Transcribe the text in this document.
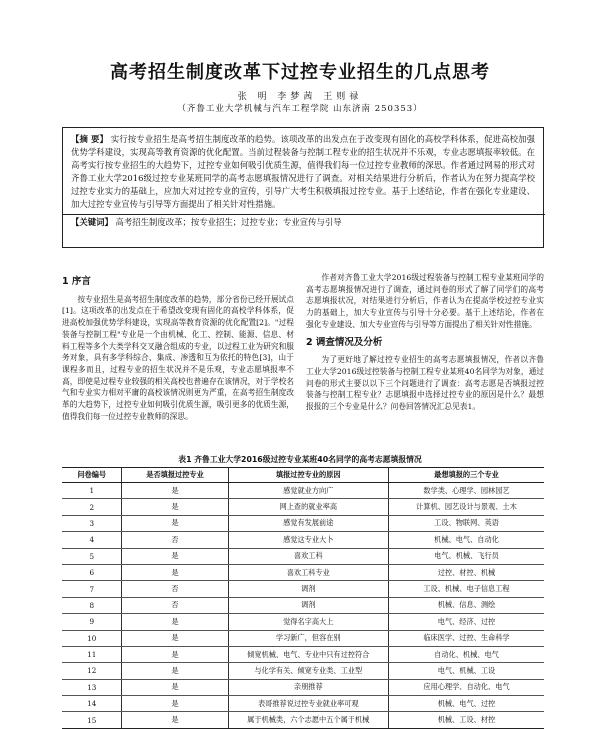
高考招生制度改革下过控专业招生的几点思考
张 明 李梦茜 王则禄
（齐鲁工业大学机械与汽车工程学院 山东济南 250353）

【摘 要】 实行按专业招生是高考招生制度改革的趋势。该项改革的出发点在于改变现有固化的高校学科体系，促进高校加强优势学科建设，实现高等教育资源的优化配置。当前过程装备与控制工程专业的招生状况并不乐观，专业志愿填报率较低。在高考实行按专业招生的大趋势下，过控专业如何吸引优质生源，值得我们每一位过控专业教师的深思。作者通过网易的形式对齐鲁工业大学2016级过控专业某班同学的高考志愿填报情况进行了调查。对相关结果进行分析后，作者认为在努力提高学校过控专业实力的基础上，应加大对过控专业的宣传，引导广大考生积极填报过控专业。基于上述结论，作者在强化专业建设、加大过控专业宣传与引导等方面提出了相关针对性措施。

【关键词】 高考招生制度改革；按专业招生；过控专业；专业宣传与引导

1 序言

按专业招生是高考招生制度改革的趋势，部分省份已经开展试点[1]。这项改革的出发点在于希望改变现有固化的高校学科体系，促进高校加强优势学科建设，实现高等教育资源的优化配置[2]。"过程装备与控制工程"专业是一个由机械、化工、控制、能源、信息、材料工程等多个大类学科交叉融合组成的专业，以过程工业为研究和服务对象，具有多学科综合、集成、渗透和互为依托的特色[3]，山于课程多而且，过程专业的招生状况并不是乐观，专业志愿填报率不高，即使是过程专业较强的相关高校也普遍存在该情况，对于学校名气和专业实力相对平庸的高校该情况则更为严重，在高考招生制度改革的大趋势下，过控专业如何吸引优质生源，吸引更多的优质生源，值得我们每一位过控专业教师的深思。

作者对齐鲁工业大学2016级过程装备与控制工程专业某班同学的高考志愿填报情况进行了调查，通过问卷的形式了解了同学们的高考志愿填报状况，对结果进行分析后，作者认为在提高学校过控专业实力的基础上，加大专业宣传与引导十分必要。基于上述结论，作者在强化专业建设、加大专业宣传与引导等方面提出了相关针对性措施。

2 调查情况及分析

为了更好地了解过控专业招生的高考志愿填报情况，作者以齐鲁工业大学2016级过控装备与控制工程专业某班40名同学为对象，通过问卷的形式主要以以下三个问题进行了调查：高考志愿是否填报过控装备与控制工程专业？志愿填报中选择过控专业的原因是什么？最想报报的三个专业是什么？问卷回答情况汇总见表1。

表1 齐鲁工业大学2016级过控专业某班40名同学的高考志愿填报情况
问卷编号	是否填报过控专业	填报过控专业的原因	最想填报的三个专业
1	是	感觉就业方向广	数学类、心理学、园林园艺
2	是	网上查的就业率高	计算机、园艺设计与景观、土木
3	是	感觉有发展前途	工设、物联网、英语
4	否	感觉这专业大卜	机械、电气、自动化
5	是	喜欢工科	电气、机械、飞行员
6	是	喜欢工科专业	过控、材控、机械
7	否	调剂	工设、机械、电子信息工程
8	否	调剂	机械、信息、测绘
9	是	觉得名字高大上	电气、经济、过控
10	是	学习新广，但容在别	临床医学、过控、生命科学
11	是	倾宽机械、电气、专业中只有过控符合	自动化、机械、电气
12	是	与化学有关、倾宽专业类、工业型	电气、机械、工设
13	是	亲朋推荐	应用心理学、自动化、电气
14	是	表哥推荐说过控专业就业率可观	机械、电气、过控
15	是	属于机械类，六个志愿中五个属于机械	机械、工设、材控
